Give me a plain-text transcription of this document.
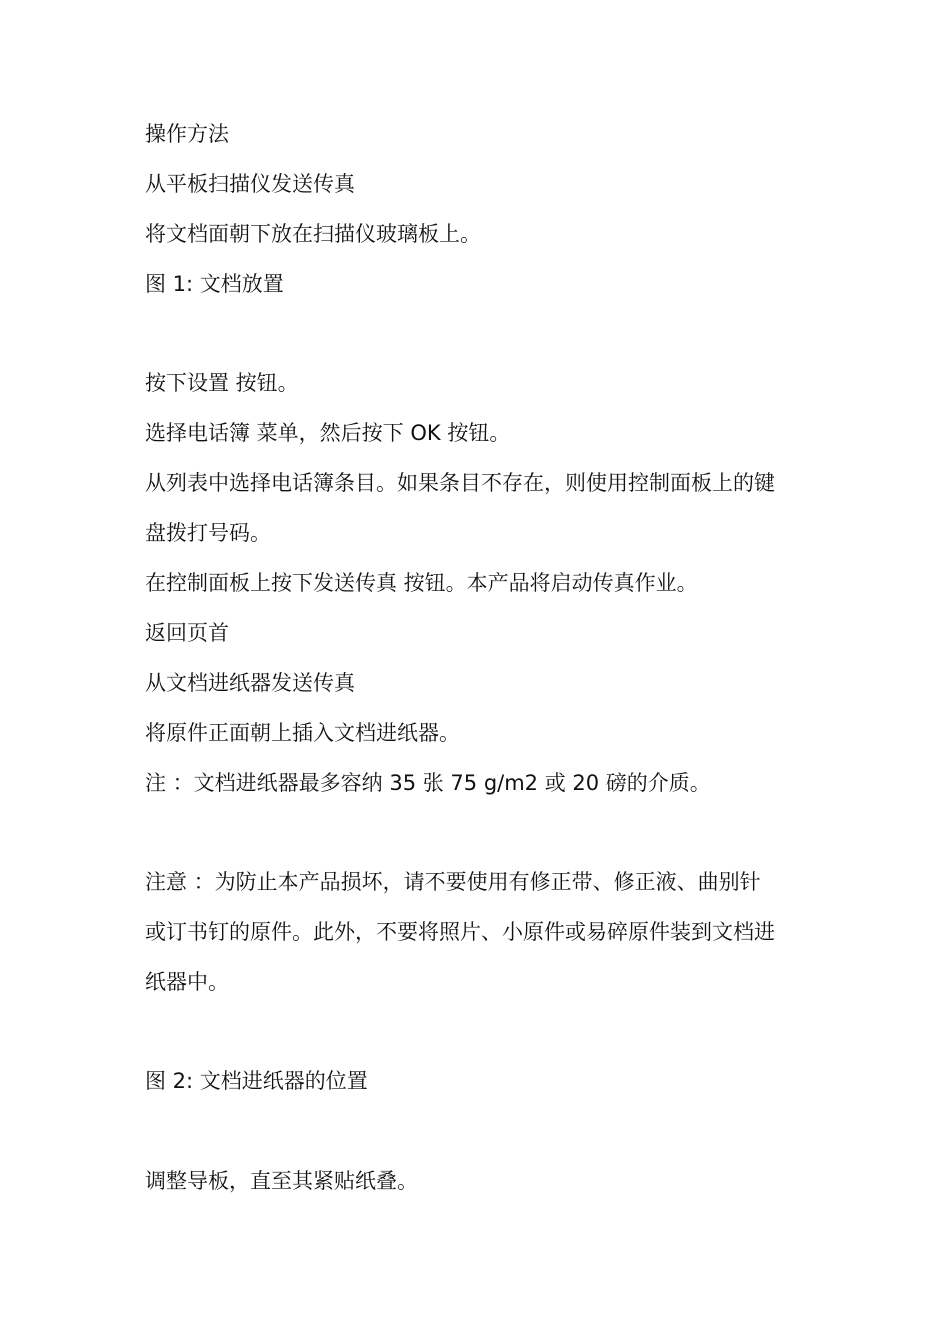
操作方法
从平板扫描仪发送传真
将文档面朝下放在扫描仪玻璃板上。
图 1: 文档放置
按下设置 按钮。
选择电话簿 菜单，然后按下 OK 按钮。
从列表中选择电话簿条目。如果条目不存在，则使用控制面板上的键
盘拨打号码。
在控制面板上按下发送传真 按钮。本产品将启动传真作业。
返回页首
从文档进纸器发送传真
将原件正面朝上插入文档进纸器。
注 ：文档进纸器最多容纳 35 张 75 g/m2 或 20 磅的介质。
注意 ：为防止本产品损坏，请不要使用有修正带、修正液、曲别针
或订书钉的原件。此外，不要将照片、小原件或易碎原件装到文档进
纸器中。
图 2: 文档进纸器的位置
调整导板，直至其紧贴纸叠。
